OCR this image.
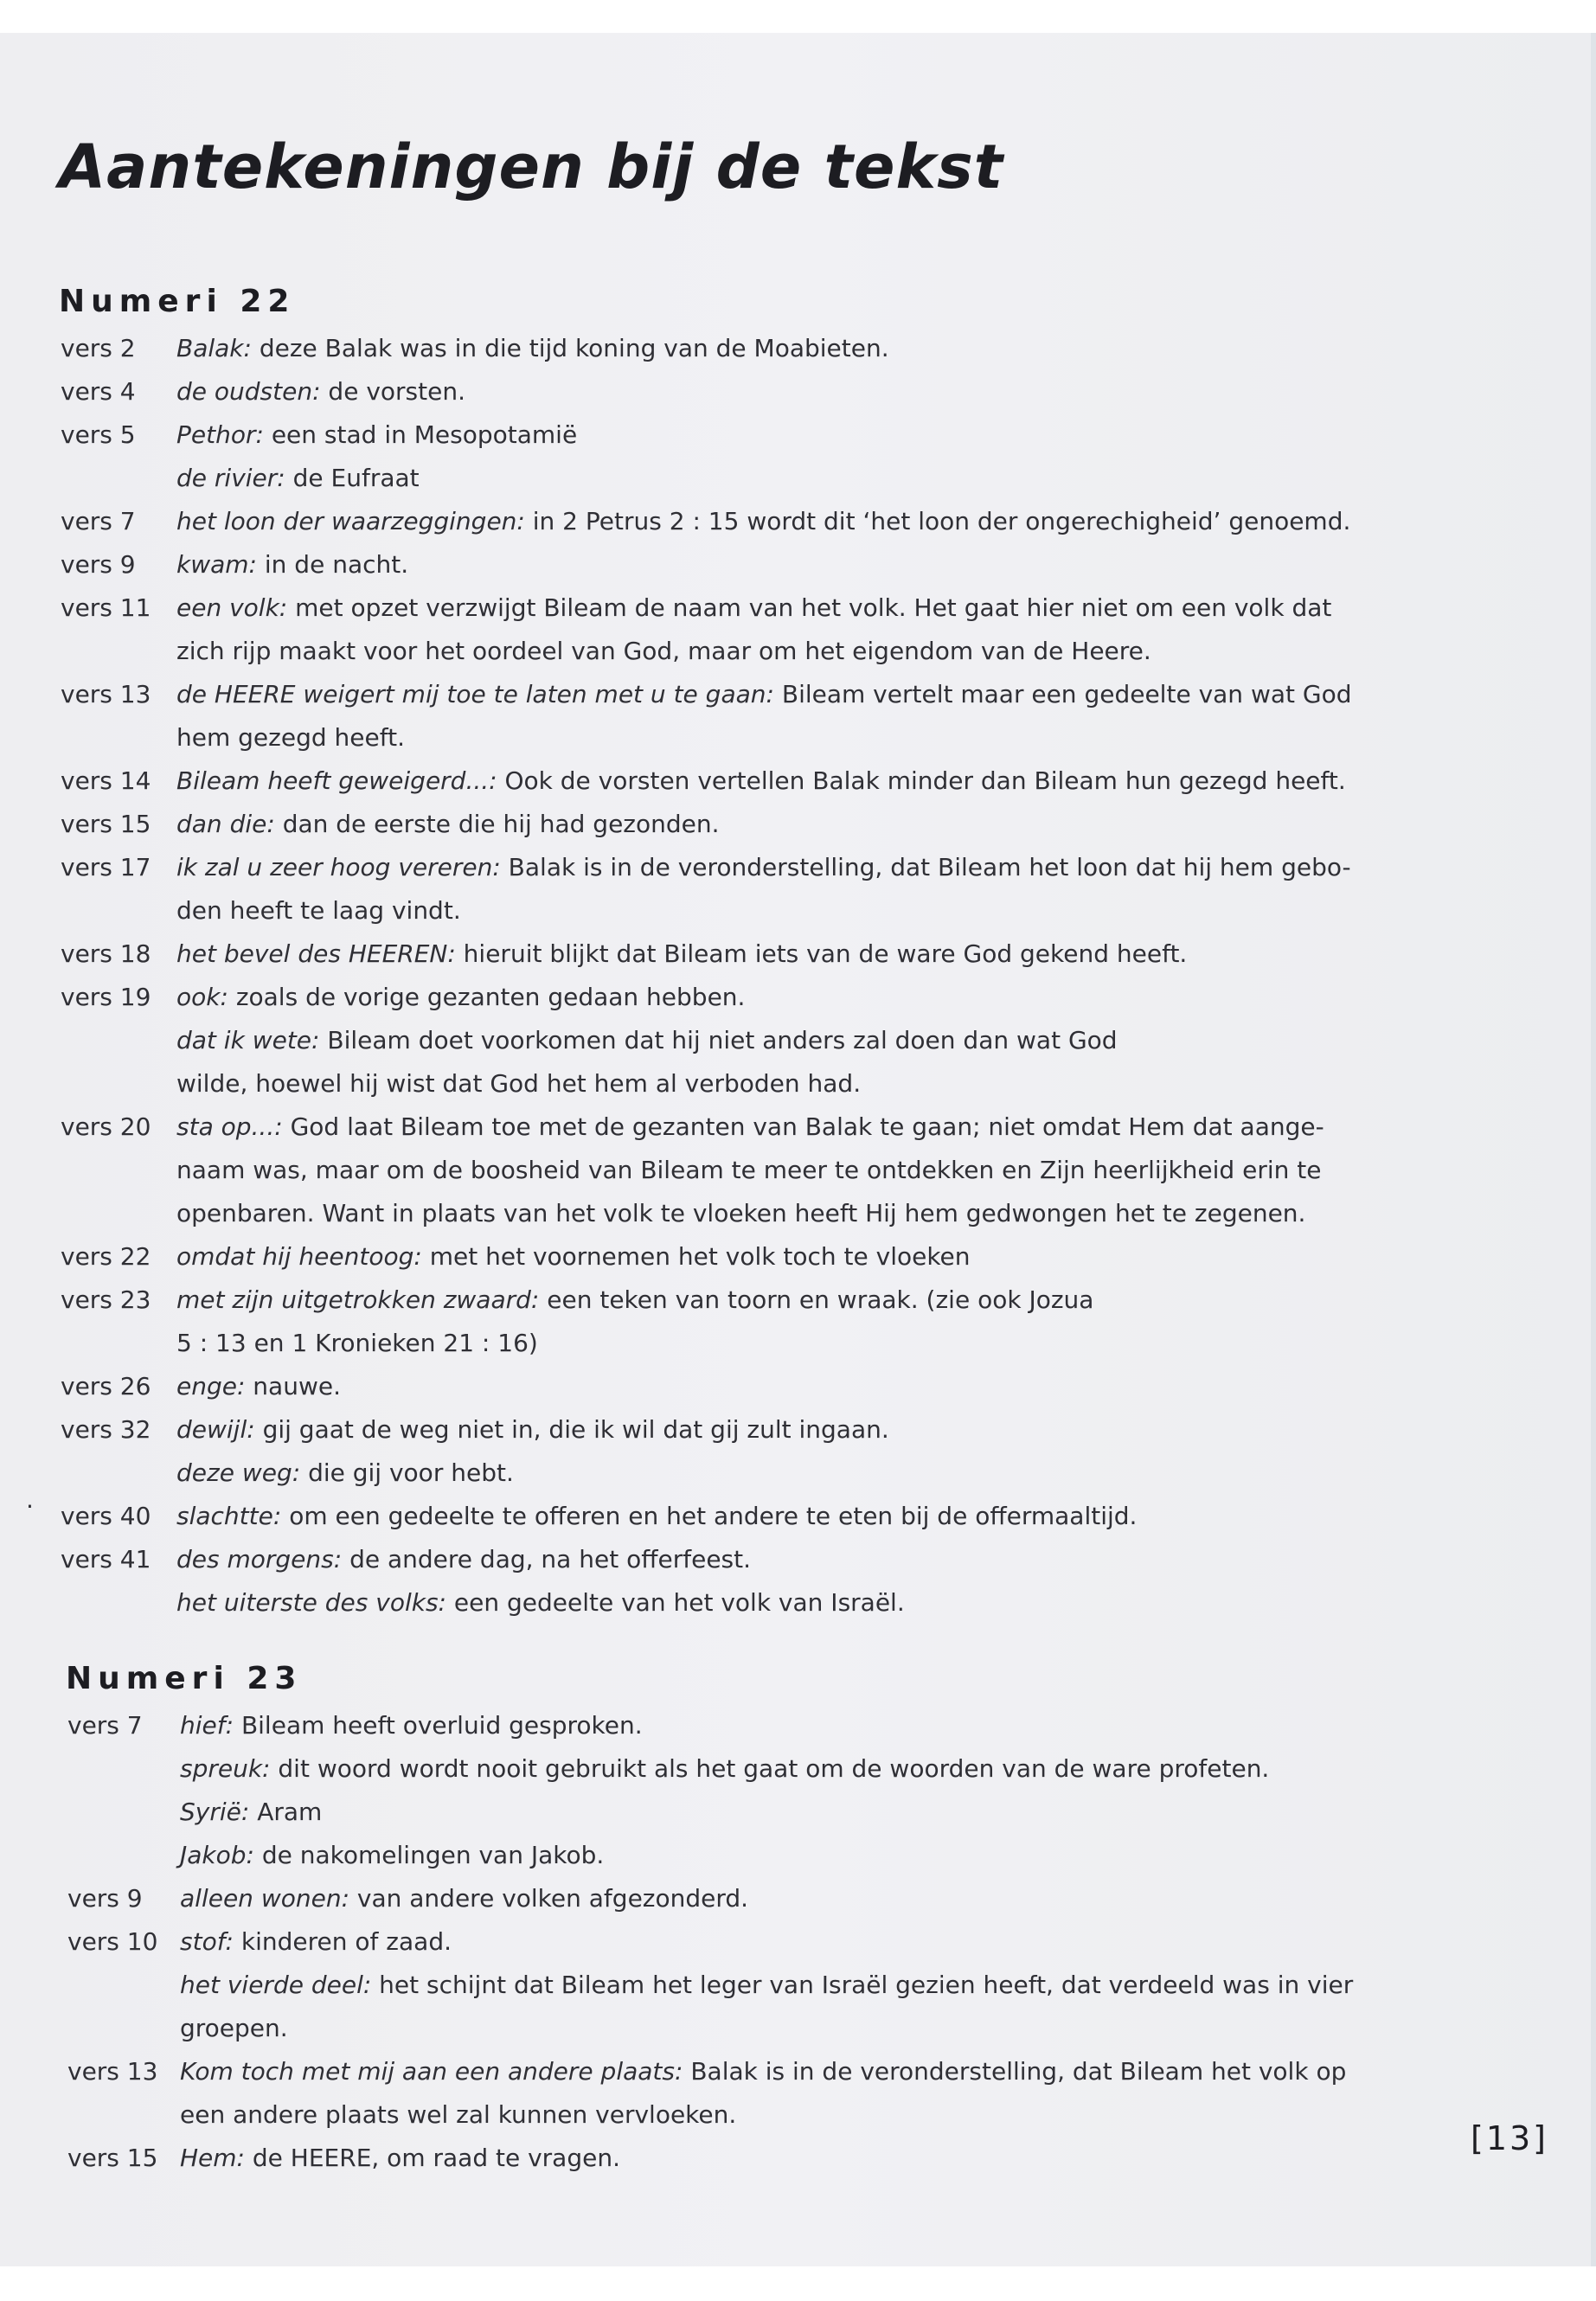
Aantekeningen bij de tekst
Numeri 22
vers 2 Balak: deze Balak was in die tijd koning van de Moabieten.
vers 4 de oudsten: de vorsten.
vers 5 Pethor: een stad in Mesopotamië
de rivier: de Eufraat
vers 7 het loon der waarzeggingen: in 2 Petrus 2 : 15 wordt dit ‘het loon der ongerechigheid’ genoemd.
vers 9 kwam: in de nacht.
vers 11 een volk: met opzet verzwijgt Bileam de naam van het volk. Het gaat hier niet om een volk dat
zich rijp maakt voor het oordeel van God, maar om het eigendom van de Heere.
vers 13 de HEERE weigert mij toe te laten met u te gaan: Bileam vertelt maar een gedeelte van wat God
hem gezegd heeft.
vers 14 Bileam heeft geweigerd...: Ook de vorsten vertellen Balak minder dan Bileam hun gezegd heeft.
vers 15 dan die: dan de eerste die hij had gezonden.
vers 17 ik zal u zeer hoog vereren: Balak is in de veronderstelling, dat Bileam het loon dat hij hem gebo-
den heeft te laag vindt.
vers 18 het bevel des HEEREN: hieruit blijkt dat Bileam iets van de ware God gekend heeft.
vers 19 ook: zoals de vorige gezanten gedaan hebben.
dat ik wete: Bileam doet voorkomen dat hij niet anders zal doen dan wat God
wilde, hoewel hij wist dat God het hem al verboden had.
vers 20 sta op...: God laat Bileam toe met de gezanten van Balak te gaan; niet omdat Hem dat aange-
naam was, maar om de boosheid van Bileam te meer te ontdekken en Zijn heerlijkheid erin te
openbaren. Want in plaats van het volk te vloeken heeft Hij hem gedwongen het te zegenen.
vers 22 omdat hij heentoog: met het voornemen het volk toch te vloeken
vers 23 met zijn uitgetrokken zwaard: een teken van toorn en wraak. (zie ook Jozua
5 : 13 en 1 Kronieken 21 : 16)
vers 26 enge: nauwe.
vers 32 dewijl: gij gaat de weg niet in, die ik wil dat gij zult ingaan.
deze weg: die gij voor hebt.
vers 40 slachtte: om een gedeelte te offeren en het andere te eten bij de offermaaltijd.
vers 41 des morgens: de andere dag, na het offerfeest.
het uiterste des volks: een gedeelte van het volk van Israël.
.
Numeri 23
vers 7 hief: Bileam heeft overluid gesproken.
spreuk: dit woord wordt nooit gebruikt als het gaat om de woorden van de ware profeten.
Syrië: Aram
Jakob: de nakomelingen van Jakob.
vers 9 alleen wonen: van andere volken afgezonderd.
vers 10 stof: kinderen of zaad.
het vierde deel: het schijnt dat Bileam het leger van Israël gezien heeft, dat verdeeld was in vier
groepen.
vers 13 Kom toch met mij aan een andere plaats: Balak is in de veronderstelling, dat Bileam het volk op
een andere plaats wel zal kunnen vervloeken.
vers 15 Hem: de HEERE, om raad te vragen.
[13]
